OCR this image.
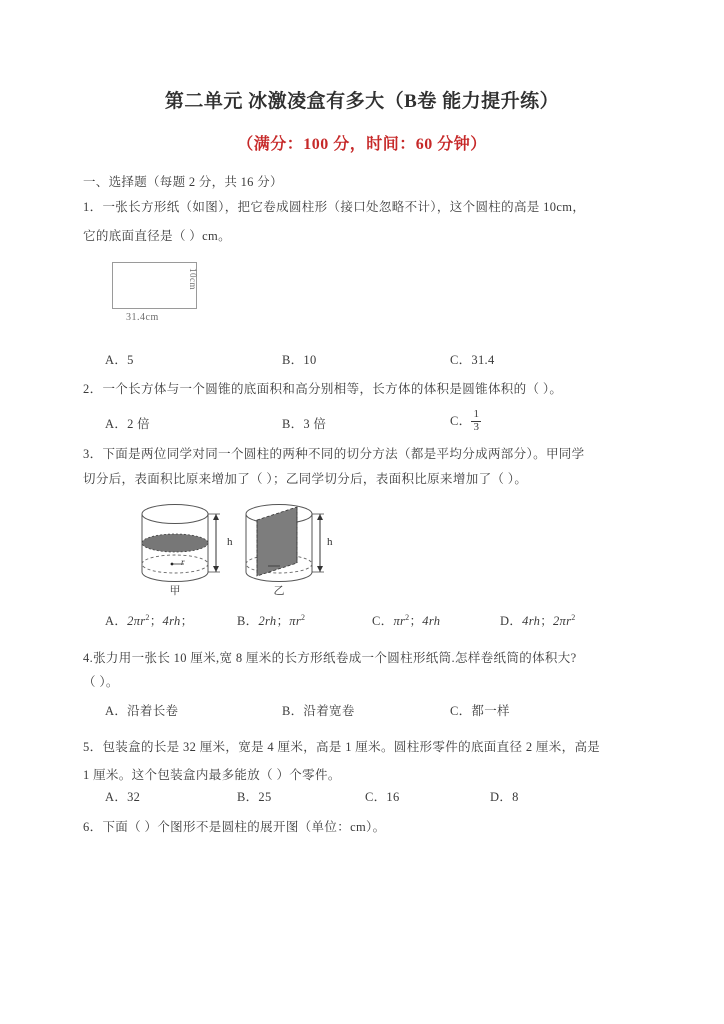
第二单元 冰激凌盒有多大（B卷 能力提升练）
（满分：100 分，时间：60 分钟）
一、选择题（每题 2 分，共 16 分）
1．一张长方形纸（如图），把它卷成圆柱形（接口处忽略不计），这个圆柱的高是 10cm，
它的底面直径是（ ）cm。
10cm
31.4cm
A．5	B．10	C．31.4
2．一个长方体与一个圆锥的底面积和高分别相等，长方体的体积是圆锥体积的（ ）。
A．2 倍	B．3 倍	C． $\frac{1}{3}$
3．下面是两位同学对同一个圆柱的两种不同的切分方法（都是平均分成两部分）。甲同学
切分后，表面积比原来增加了（ ）；乙同学切分后，表面积比原来增加了（ ）。
h
h
r
甲	乙
A．$2\pi r^2$；4rh；	B．2rh；$\pi r^2$	C．$\pi r^2$；4rh	D．4rh；$2\pi r^2$
4.张力用一张长 10 厘米,宽 8 厘米的长方形纸卷成一个圆柱形纸筒.怎样卷纸筒的体积大?
（ ）。
A．沿着长卷	B．沿着宽卷	C．都一样
5．包装盒的长是 32 厘米，宽是 4 厘米，高是 1 厘米。圆柱形零件的底面直径 2 厘米，高是
1 厘米。这个包装盒内最多能放（ ）个零件。
A．32	B．25	C．16	D．8
6．下面（ ）个图形不是圆柱的展开图（单位：cm）。
